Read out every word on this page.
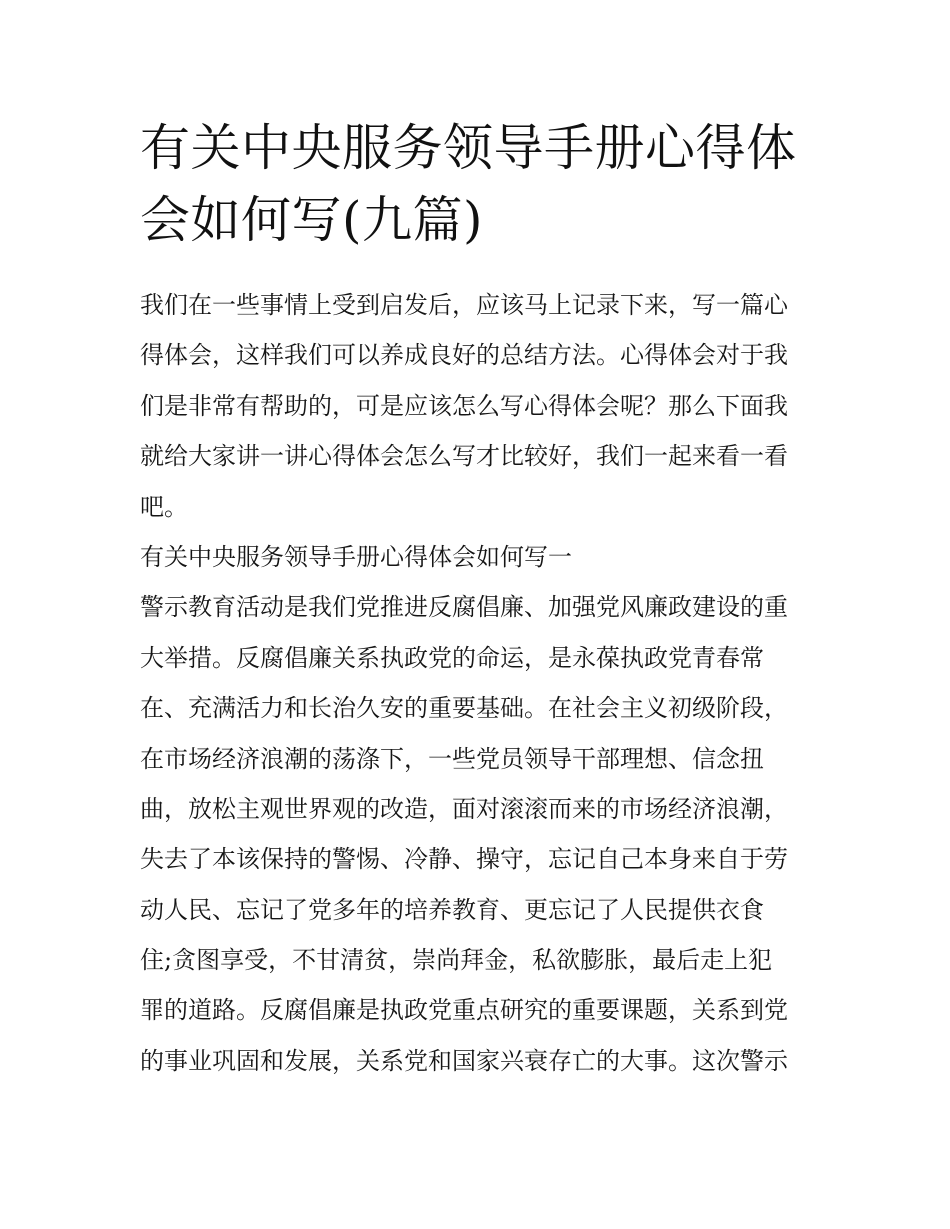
有关中央服务领导手册心得体
会如何写(九篇)
我们在一些事情上受到启发后，应该马上记录下来，写一篇心
得体会，这样我们可以养成良好的总结方法。心得体会对于我
们是非常有帮助的，可是应该怎么写心得体会呢？那么下面我
就给大家讲一讲心得体会怎么写才比较好，我们一起来看一看
吧。
有关中央服务领导手册心得体会如何写一
警示教育活动是我们党推进反腐倡廉、加强党风廉政建设的重
大举措。反腐倡廉关系执政党的命运，是永葆执政党青春常
在、充满活力和长治久安的重要基础。在社会主义初级阶段，
在市场经济浪潮的荡涤下，一些党员领导干部理想、信念扭
曲，放松主观世界观的改造，面对滚滚而来的市场经济浪潮，
失去了本该保持的警惕、冷静、操守，忘记自己本身来自于劳
动人民、忘记了党多年的培养教育、更忘记了人民提供衣食
住;贪图享受，不甘清贫，崇尚拜金，私欲膨胀，最后走上犯
罪的道路。反腐倡廉是执政党重点研究的重要课题，关系到党
的事业巩固和发展，关系党和国家兴衰存亡的大事。这次警示
